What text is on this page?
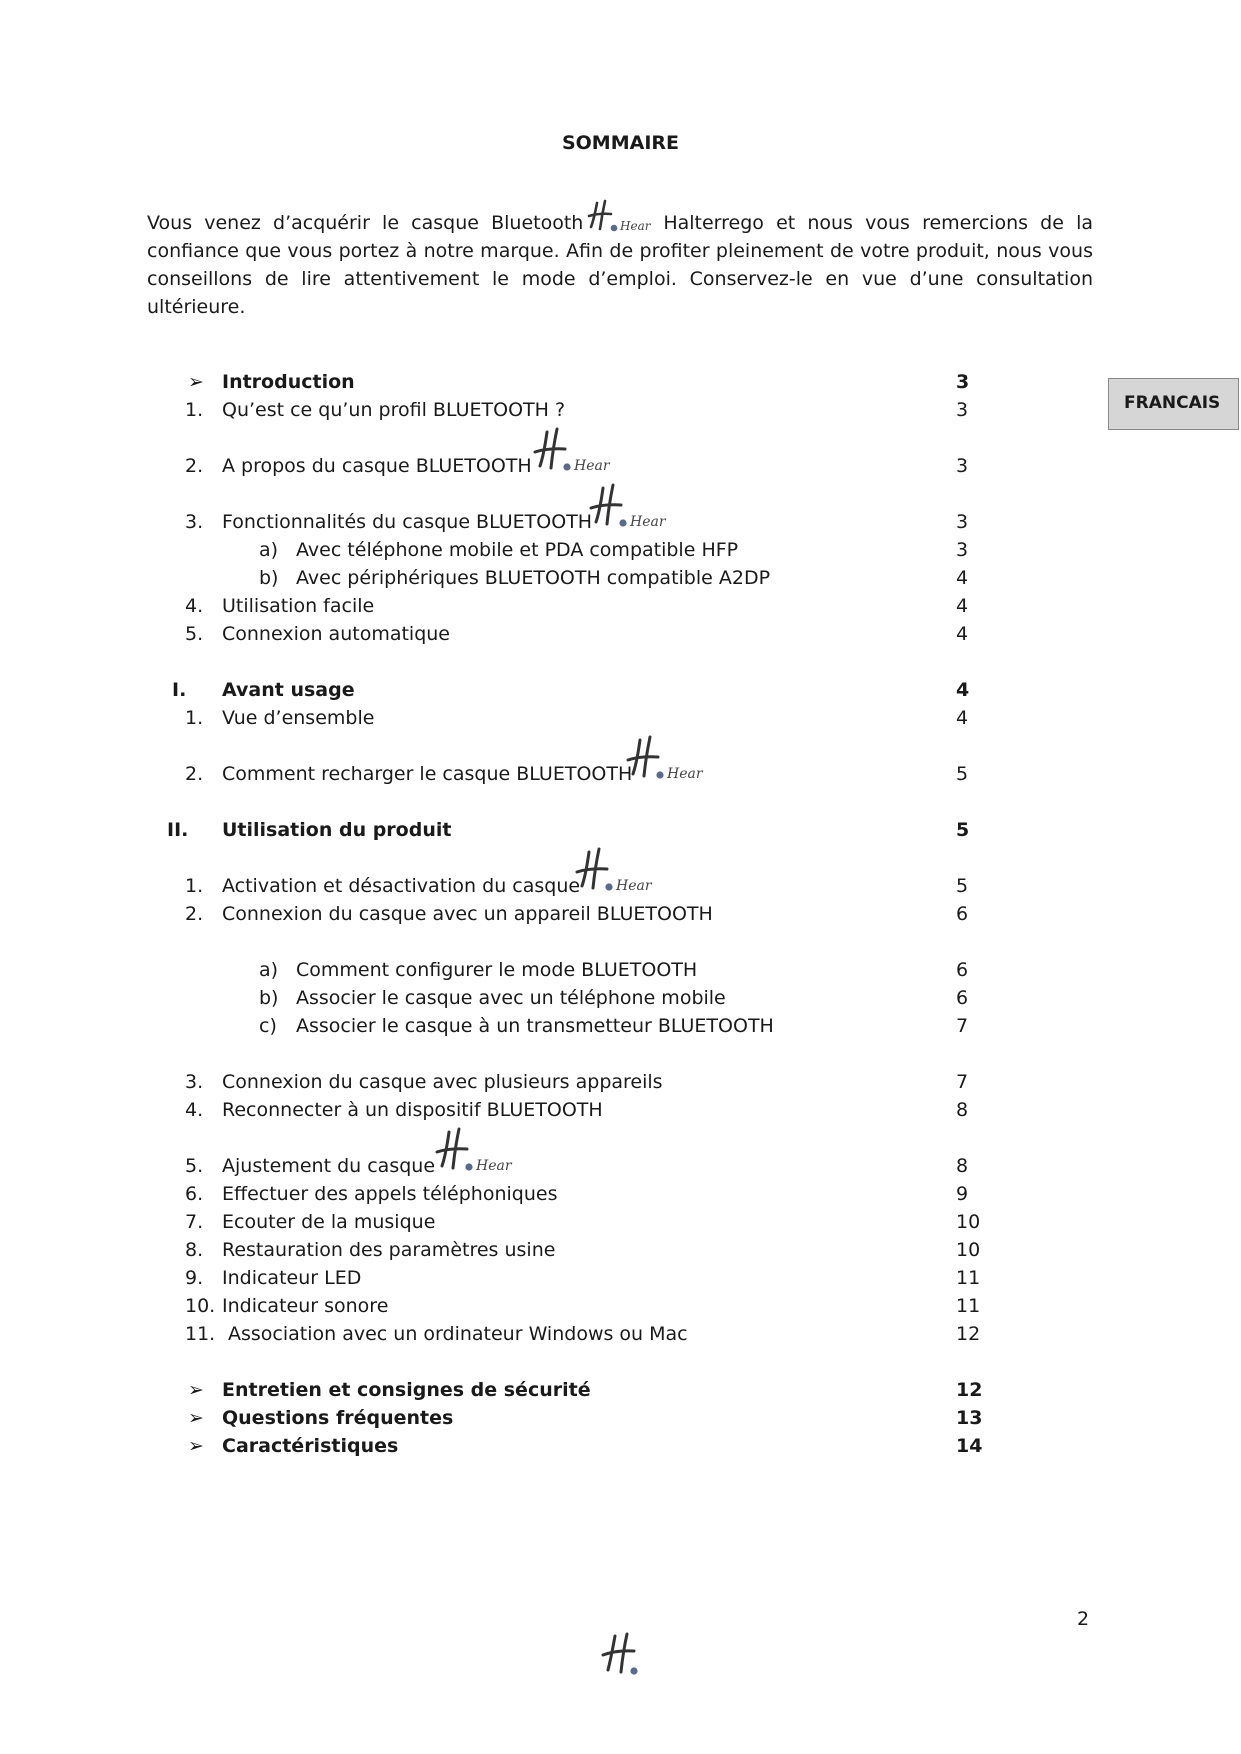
SOMMAIRE

Vous venez d’acquérir le casque Bluetooth	Hear Halterrego et nous vous remercions de la confiance que vous portez à notre marque. Afin de profiter pleinement de votre produit, nous vous conseillons de lire attentivement le mode d’emploi. Conservez-le en vue d’une consultation ultérieure.

FRANCAIS
➢ Introduction	3
1. Qu’est ce qu’un profil BLUETOOTH ?	3
2. A propos du casque BLUETOOTH	3
Hear
3. Fonctionnalités du casque BLUETOOTH	3
Hear
a) Avec téléphone mobile et PDA compatible HFP	3
b) Avec périphériques BLUETOOTH compatible A2DP	4
4. Utilisation facile	4
5. Connexion automatique	4
I. Avant usage	4
1. Vue d’ensemble	4
2. Comment recharger le casque BLUETOOTH	5
Hear
II. Utilisation du produit	5
1. Activation et désactivation du casque	5
Hear
2. Connexion du casque avec un appareil BLUETOOTH	6
a) Comment configurer le mode BLUETOOTH	6
b) Associer le casque avec un téléphone mobile	6
c) Associer le casque à un transmetteur BLUETOOTH	7
3. Connexion du casque avec plusieurs appareils	7
4. Reconnecter à un dispositif BLUETOOTH	8
5. Ajustement du casque	8
Hear
6. Effectuer des appels téléphoniques	9
7. Ecouter de la musique	10
8. Restauration des paramètres usine	10
9. Indicateur LED	11
10. Indicateur sonore	11
11. Association avec un ordinateur Windows ou Mac	12
➢ Entretien et consignes de sécurité	12
➢ Questions fréquentes	13
➢ Caractéristiques	14
2
